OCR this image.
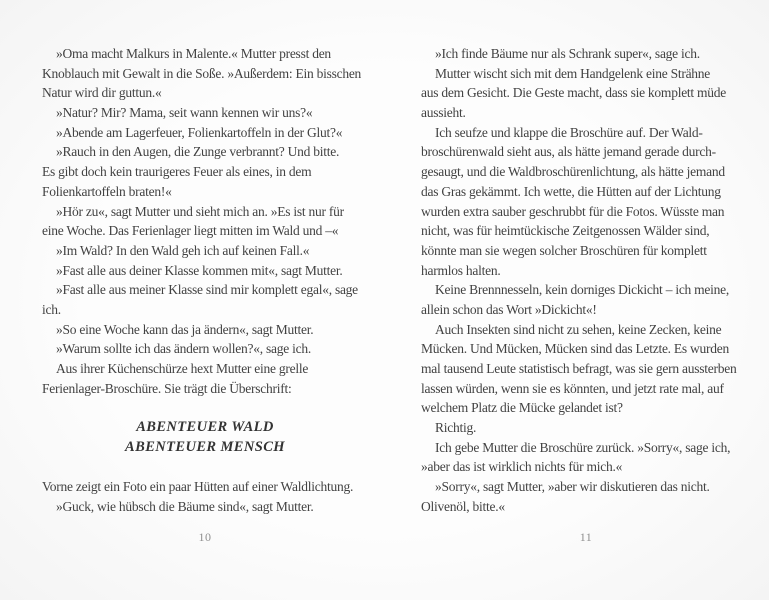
»Oma macht Malkurs in Malente.« Mutter presst den
Knoblauch mit Gewalt in die Soße. »Außerdem: Ein bisschen
Natur wird dir guttun.«
»Natur? Mir? Mama, seit wann kennen wir uns?«
»Abende am Lagerfeuer, Folienkartoffeln in der Glut?«
»Rauch in den Augen, die Zunge verbrannt? Und bitte.
Es gibt doch kein traurigeres Feuer als eines, in dem
Folienkartoffeln braten!«
»Hör zu«, sagt Mutter und sieht mich an. »Es ist nur für
eine Woche. Das Ferienlager liegt mitten im Wald und –«
»Im Wald? In den Wald geh ich auf keinen Fall.«
»Fast alle aus deiner Klasse kommen mit«, sagt Mutter.
»Fast alle aus meiner Klasse sind mir komplett egal«, sage
ich.
»So eine Woche kann das ja ändern«, sagt Mutter.
»Warum sollte ich das ändern wollen?«, sage ich.
Aus ihrer Küchenschürze hext Mutter eine grelle
Ferienlager-Broschüre. Sie trägt die Überschrift:
ABENTEUER WALD
ABENTEUER MENSCH
Vorne zeigt ein Foto ein paar Hütten auf einer Waldlichtung.
»Guck, wie hübsch die Bäume sind«, sagt Mutter.
10
»Ich finde Bäume nur als Schrank super«, sage ich.
Mutter wischt sich mit dem Handgelenk eine Strähne
aus dem Gesicht. Die Geste macht, dass sie komplett müde
aussieht.
Ich seufze und klappe die Broschüre auf. Der Wald-
broschürenwald sieht aus, als hätte jemand gerade durch-
gesaugt, und die Waldbroschürenlichtung, als hätte jemand
das Gras gekämmt. Ich wette, die Hütten auf der Lichtung
wurden extra sauber geschrubbt für die Fotos. Wüsste man
nicht, was für heimtückische Zeitgenossen Wälder sind,
könnte man sie wegen solcher Broschüren für komplett
harmlos halten.
Keine Brennnesseln, kein dorniges Dickicht – ich meine,
allein schon das Wort »Dickicht«!
Auch Insekten sind nicht zu sehen, keine Zecken, keine
Mücken. Und Mücken, Mücken sind das Letzte. Es wurden
mal tausend Leute statistisch befragt, was sie gern aussterben
lassen würden, wenn sie es könnten, und jetzt rate mal, auf
welchem Platz die Mücke gelandet ist?
Richtig.
Ich gebe Mutter die Broschüre zurück. »Sorry«, sage ich,
»aber das ist wirklich nichts für mich.«
»Sorry«, sagt Mutter, »aber wir diskutieren das nicht.
Olivenöl, bitte.«
11
